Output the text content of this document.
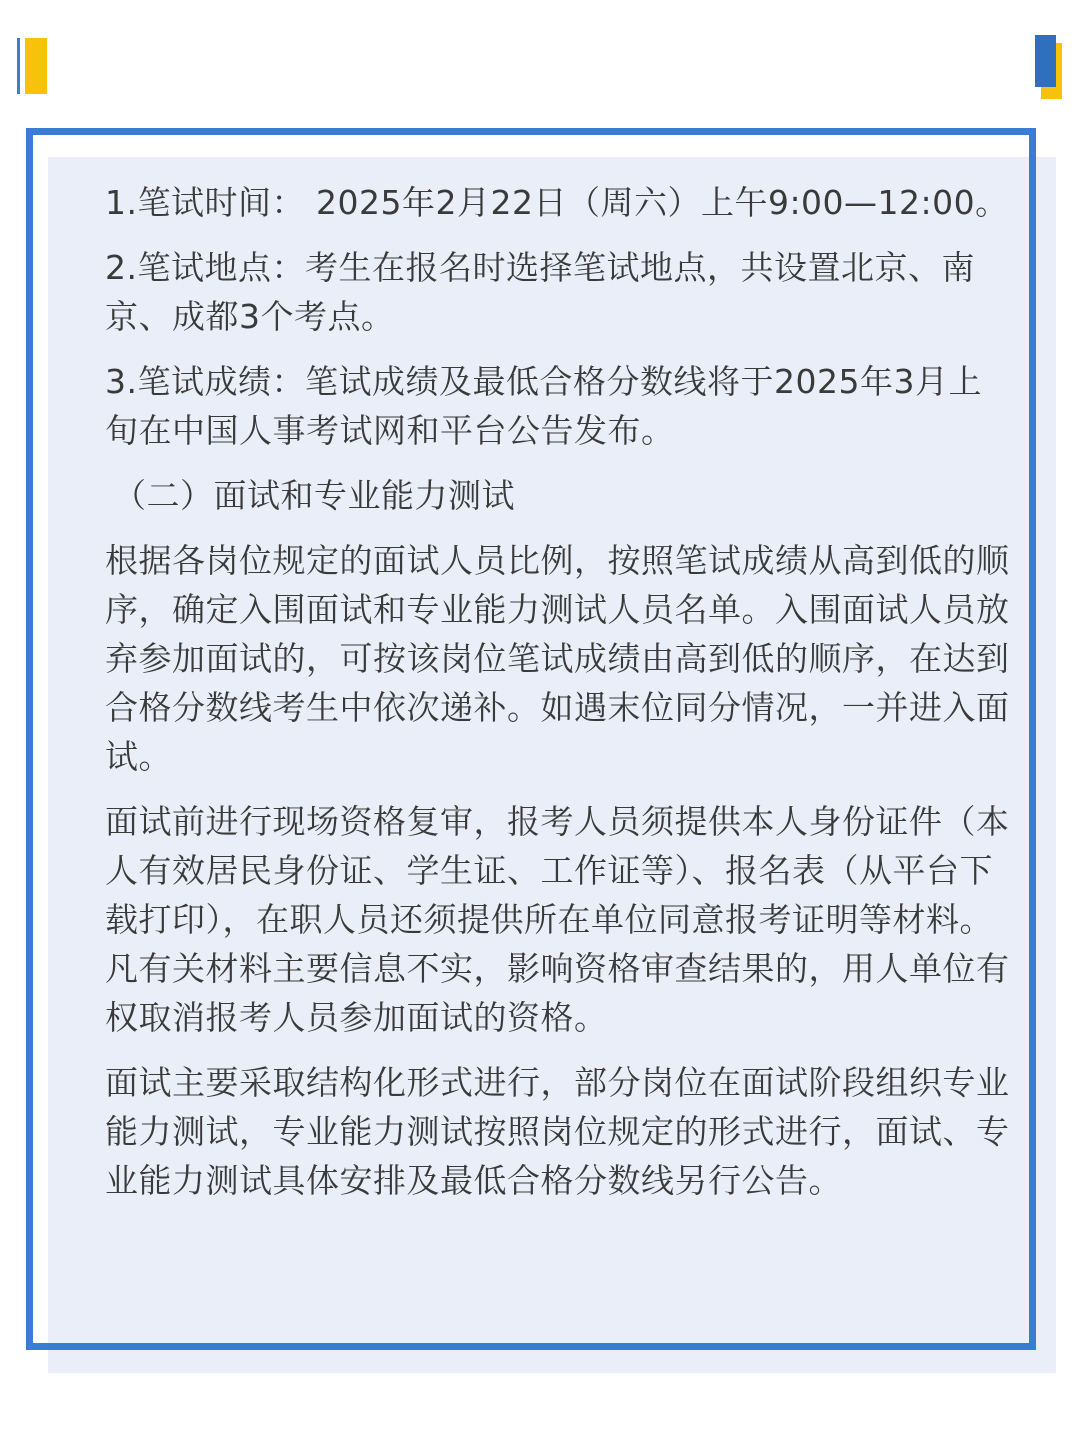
1.笔试时间： 2025年2月22日（周六）上午9:00—12:00。

2.笔试地点：考生在报名时选择笔试地点，共设置北京、南京、成都3个考点。

3.笔试成绩：笔试成绩及最低合格分数线将于2025年3月上旬在中国人事考试网和平台公告发布。

（二）面试和专业能力测试

根据各岗位规定的面试人员比例，按照笔试成绩从高到低的顺序，确定入围面试和专业能力测试人员名单。入围面试人员放弃参加面试的，可按该岗位笔试成绩由高到低的顺序，在达到合格分数线考生中依次递补。如遇末位同分情况，一并进入面试。

面试前进行现场资格复审，报考人员须提供本人身份证件（本人有效居民身份证、学生证、工作证等）、报名表（从平台下载打印），在职人员还须提供所在单位同意报考证明等材料。凡有关材料主要信息不实，影响资格审查结果的，用人单位有权取消报考人员参加面试的资格。

面试主要采取结构化形式进行，部分岗位在面试阶段组织专业能力测试，专业能力测试按照岗位规定的形式进行，面试、专业能力测试具体安排及最低合格分数线另行公告。
